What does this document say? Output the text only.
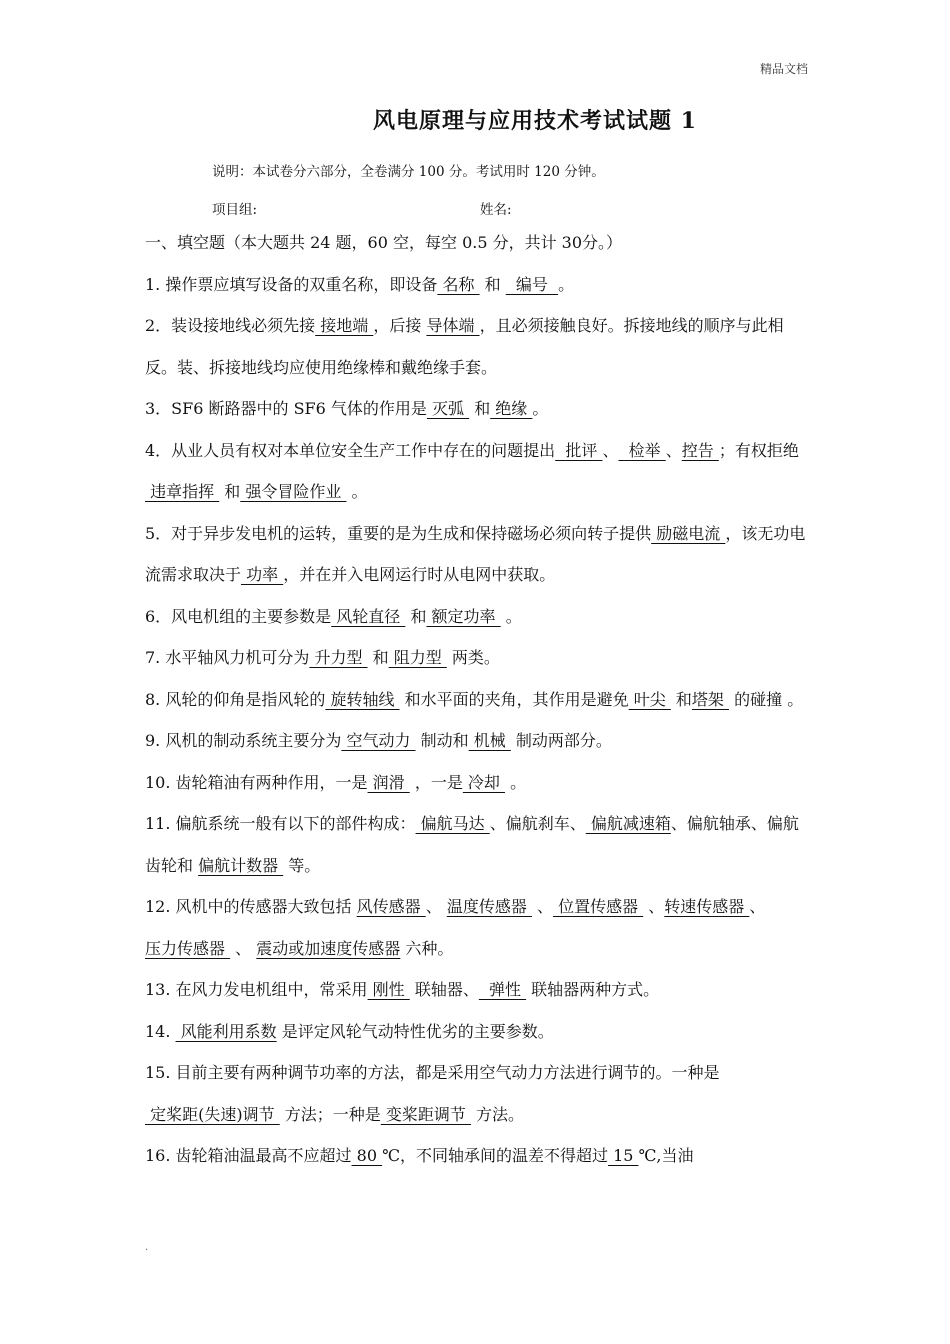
精品文档
风电原理与应用技术考试试题 1
说明：本试卷分六部分，全卷满分 100 分。考试用时 120 分钟。
项目组:	姓名:

一、填空题（本大题共 24 题，60 空，每空 0.5 分，共计 30分。）

1. 操作票应填写设备的双重名称，即设备 名称  和   编号  。

2．装设接地线必须先接 接地端 ，后接 导体端 ，且必须接触良好。拆接地线的顺序与此相反。装、拆接地线均应使用绝缘棒和戴绝缘手套。

3．SF6 断路器中的 SF6 气体的作用是 灭弧  和 绝缘 。

4．从业人员有权对本单位安全生产工作中存在的问题提出  批评 、  检举 、控告 ；有权拒绝 违章指挥  和 强令冒险作业  。

5．对于异步发电机的运转，重要的是为生成和保持磁场必须向转子提供 励磁电流 ，该无功电流需求取决于 功率 ，并在并入电网运行时从电网中获取。

6．风电机组的主要参数是 风轮直径  和 额定功率  。

7. 水平轴风力机可分为 升力型  和 阻力型  两类。

8. 风轮的仰角是指风轮的 旋转轴线  和水平面的夹角，其作用是避免 叶尖  和塔架  的碰撞 。

9. 风机的制动系统主要分为 空气动力  制动和 机械  制动两部分。

10. 齿轮箱油有两种作用，一是 润滑  ，一是 冷却  。

11. 偏航系统一般有以下的部件构成： 偏航马达 、偏航刹车、 偏航减速箱、偏航轴承、偏航齿轮和 偏航计数器  等。

12. 风机中的传感器大致包括 风传感器 、 温度传感器  、 位置传感器  、转速传感器 、 压力传感器  、 震动或加速度传感器 六种。

13. 在风力发电机组中，常采用 刚性  联轴器、  弹性  联轴器两种方式。

14.  风能利用系数 是评定风轮气动特性优劣的主要参数。

15. 目前主要有两种调节功率的方法，都是采用空气动力方法进行调节的。一种是 定桨距(失速)调节  方法；一种是 变桨距调节  方法。

16. 齿轮箱油温最高不应超过 80 ℃，不同轴承间的温差不得超过 15 ℃,当油

.
